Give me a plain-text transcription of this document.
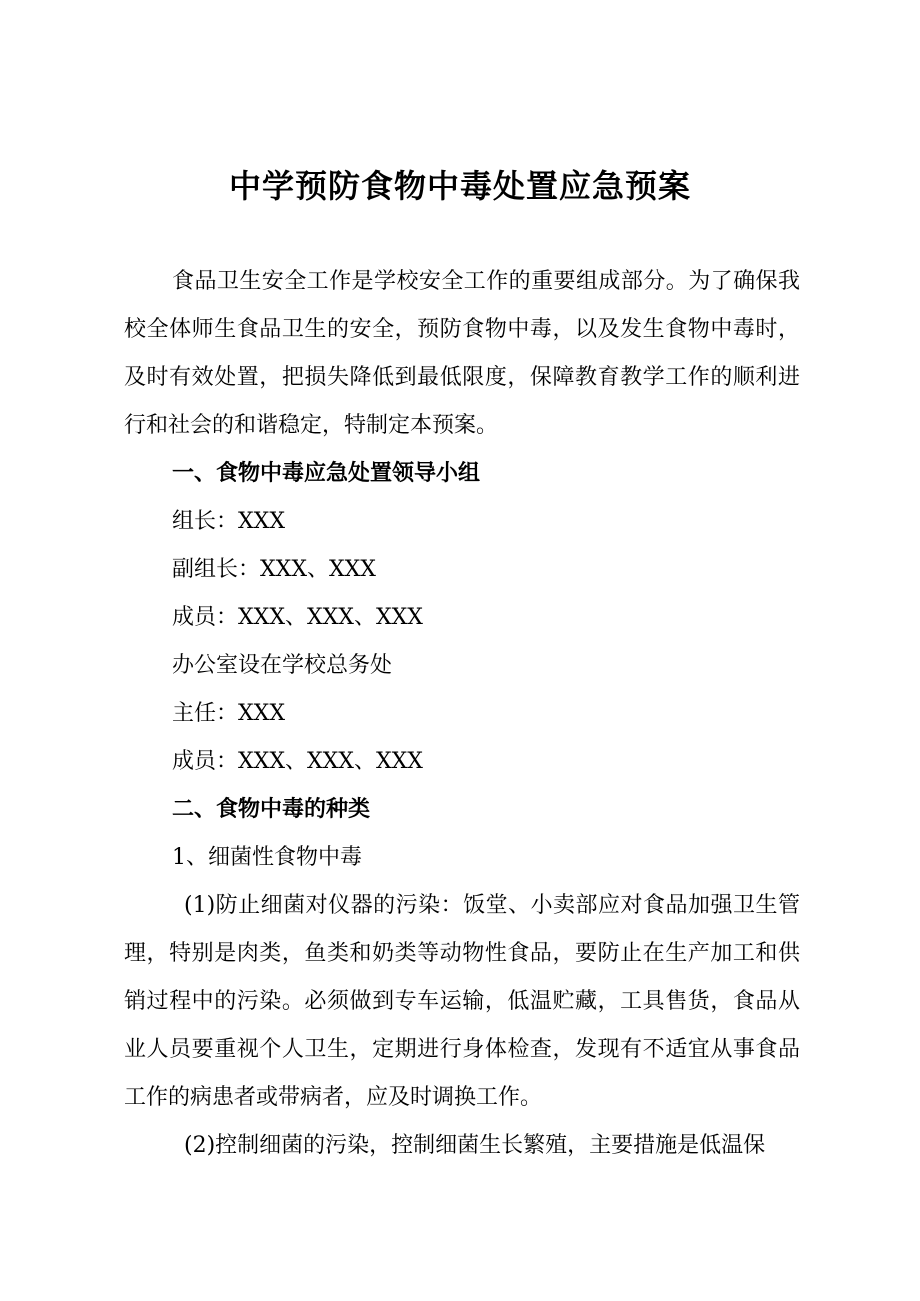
中学预防食物中毒处置应急预案

食品卫生安全工作是学校安全工作的重要组成部分。为了确保我校全体师生食品卫生的安全，预防食物中毒，以及发生食物中毒时，及时有效处置，把损失降低到最低限度，保障教育教学工作的顺利进行和社会的和谐稳定，特制定本预案。

一、食物中毒应急处置领导小组

组长：XXX

副组长：XXX、XXX

成员：XXX、XXX、XXX

办公室设在学校总务处

主任：XXX

成员：XXX、XXX、XXX

二、食物中毒的种类

1、细菌性食物中毒

(1)防止细菌对仪器的污染：饭堂、小卖部应对食品加强卫生管理，特别是肉类，鱼类和奶类等动物性食品，要防止在生产加工和供销过程中的污染。必须做到专车运输，低温贮藏，工具售货，食品从业人员要重视个人卫生，定期进行身体检查，发现有不适宜从事食品工作的病患者或带病者，应及时调换工作。

(2)控制细菌的污染，控制细菌生长繁殖，主要措施是低温保
